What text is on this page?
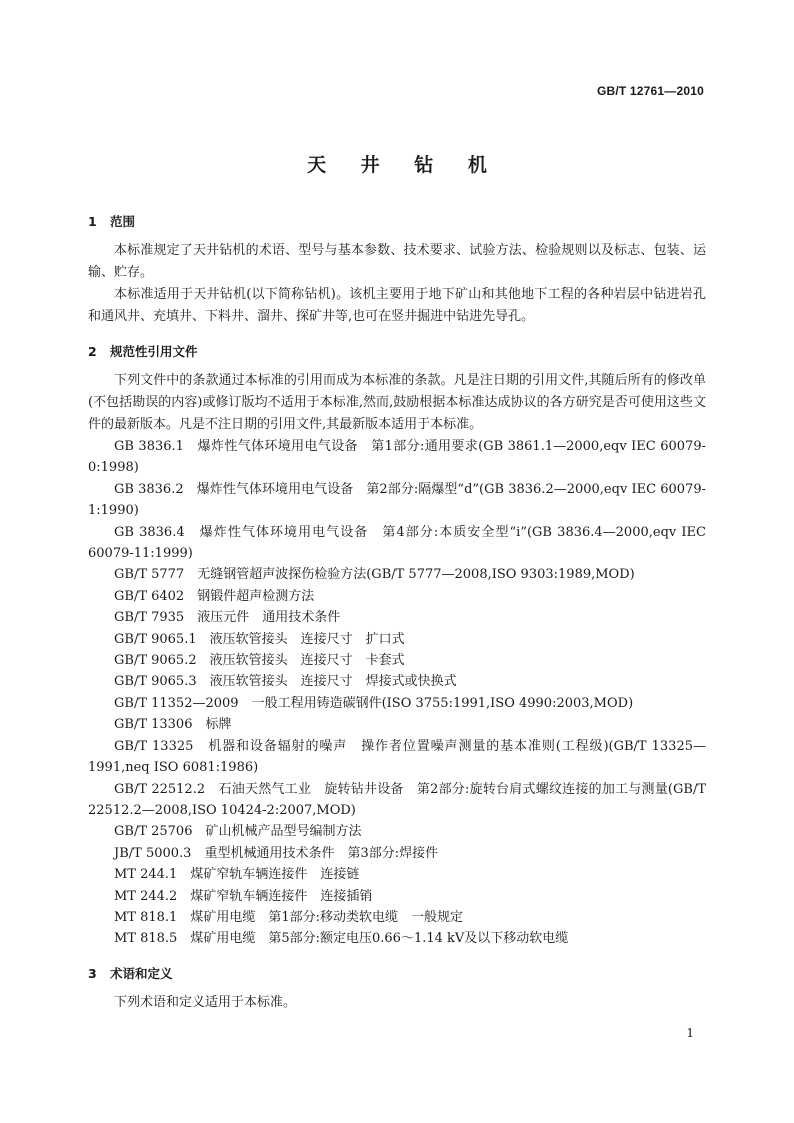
GB/T 12761—2010
天 井 钻 机
1 范围

本标准规定了天井钻机的术语、型号与基本参数、技术要求、试验方法、检验规则以及标志、包装、运输、贮存。

本标准适用于天井钻机(以下简称钻机)。该机主要用于地下矿山和其他地下工程的各种岩层中钻进岩孔和通风井、充填井、下料井、溜井、探矿井等,也可在竖井掘进中钻进先导孔。

2 规范性引用文件

下列文件中的条款通过本标准的引用而成为本标准的条款。凡是注日期的引用文件,其随后所有的修改单(不包括勘误的内容)或修订版均不适用于本标准,然而,鼓励根据本标准达成协议的各方研究是否可使用这些文件的最新版本。凡是不注日期的引用文件,其最新版本适用于本标准。

GB 3836.1　 爆炸性气体环境用电气设备　第1部分:通用要求(GB 3861.1—2000,eqv IEC 60079-0:1998)

GB 3836.2　 爆炸性气体环境用电气设备　第2部分:隔爆型“d”(GB 3836.2—2000,eqv IEC 60079-1:1990)

GB 3836.4　 爆炸性气体环境用电气设备　第4部分:本质安全型“i”(GB 3836.4—2000,eqv IEC 60079-11:1999)

GB/T 5777　 无缝钢管超声波探伤检验方法(GB/T 5777—2008,ISO 9303:1989,MOD)

GB/T 6402　 钢锻件超声检测方法

GB/T 7935　 液压元件　通用技术条件

GB/T 9065.1　 液压软管接头　连接尺寸　扩口式

GB/T 9065.2　 液压软管接头　连接尺寸　卡套式

GB/T 9065.3　 液压软管接头　连接尺寸　焊接式或快换式

GB/T 11352—2009　 一般工程用铸造碳钢件(ISO 3755:1991,ISO 4990:2003,MOD)

GB/T 13306　 标牌

GB/T 13325　 机器和设备辐射的噪声　操作者位置噪声测量的基本准则(工程级)(GB/T 13325—1991,neq ISO 6081:1986)

GB/T 22512.2　 石油天然气工业　旋转钻井设备　第2部分:旋转台肩式螺纹连接的加工与测量(GB/T 22512.2—2008,ISO 10424-2:2007,MOD)

GB/T 25706　 矿山机械产品型号编制方法

JB/T 5000.3　 重型机械通用技术条件　第3部分:焊接件

MT 244.1　 煤矿窄轨车辆连接件　连接链

MT 244.2　 煤矿窄轨车辆连接件　连接插销

MT 818.1　 煤矿用电缆　第1部分:移动类软电缆　一般规定

MT 818.5　 煤矿用电缆　第5部分:额定电压0.66～1.14 kV及以下移动软电缆

3 术语和定义

下列术语和定义适用于本标准。

1
